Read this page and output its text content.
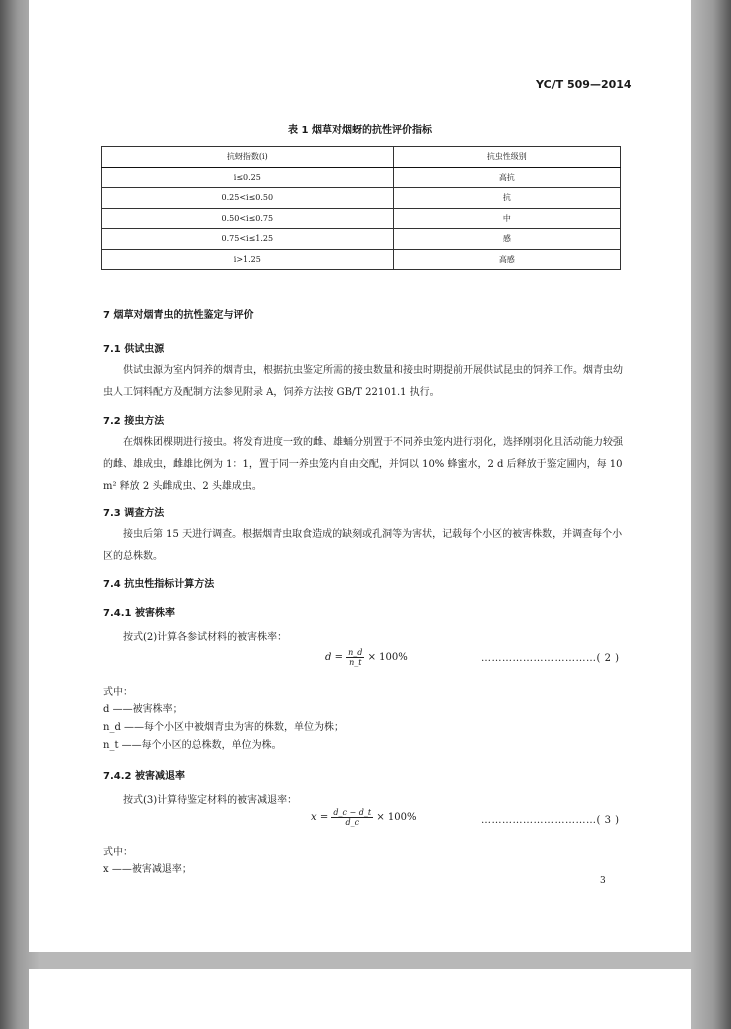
YC/T 509—2014
表 1 烟草对烟蚜的抗性评价指标
抗蚜指数(i)	抗虫性级别
i≤0.25	高抗
0.25<i≤0.50	抗
0.50<i≤0.75	中
0.75<i≤1.25	感
i>1.25	高感
7 烟草对烟青虫的抗性鉴定与评价
7.1 供试虫源
供试虫源为室内饲养的烟青虫，根据抗虫鉴定所需的接虫数量和接虫时期提前开展供试昆虫的饲养工作。烟青虫幼虫人工饲料配方及配制方法参见附录 A，饲养方法按 GB/T 22101.1 执行。
7.2 接虫方法
在烟株团棵期进行接虫。将发育进度一致的雌、雄蛹分别置于不同养虫笼内进行羽化，选择刚羽化且活动能力较强的雌、雄成虫，雌雄比例为 1：1，置于同一养虫笼内自由交配，并饲以 10% 蜂蜜水，2 d 后释放于鉴定圃内，每 10 m² 释放 2 头雌成虫、2 头雄成虫。
7.3 调查方法
接虫后第 15 天进行调查。根据烟青虫取食造成的缺刻或孔洞等为害状，记载每个小区的被害株数，并调查每个小区的总株数。
7.4 抗虫性指标计算方法
7.4.1 被害株率
按式(2)计算各参试材料的被害株率：
$d = \frac{n\_d}{n\_t} \times 100\%$	……………………………( 2 )
式中：
d ——被害株率；
n_d ——每个小区中被烟青虫为害的株数，单位为株；
n_t ——每个小区的总株数，单位为株。
7.4.2 被害减退率
按式(3)计算待鉴定材料的被害减退率：
$x = \frac{d\_c - d\_t}{d\_c} \times 100\%$	……………………………( 3 )
式中：
x ——被害减退率；
3
